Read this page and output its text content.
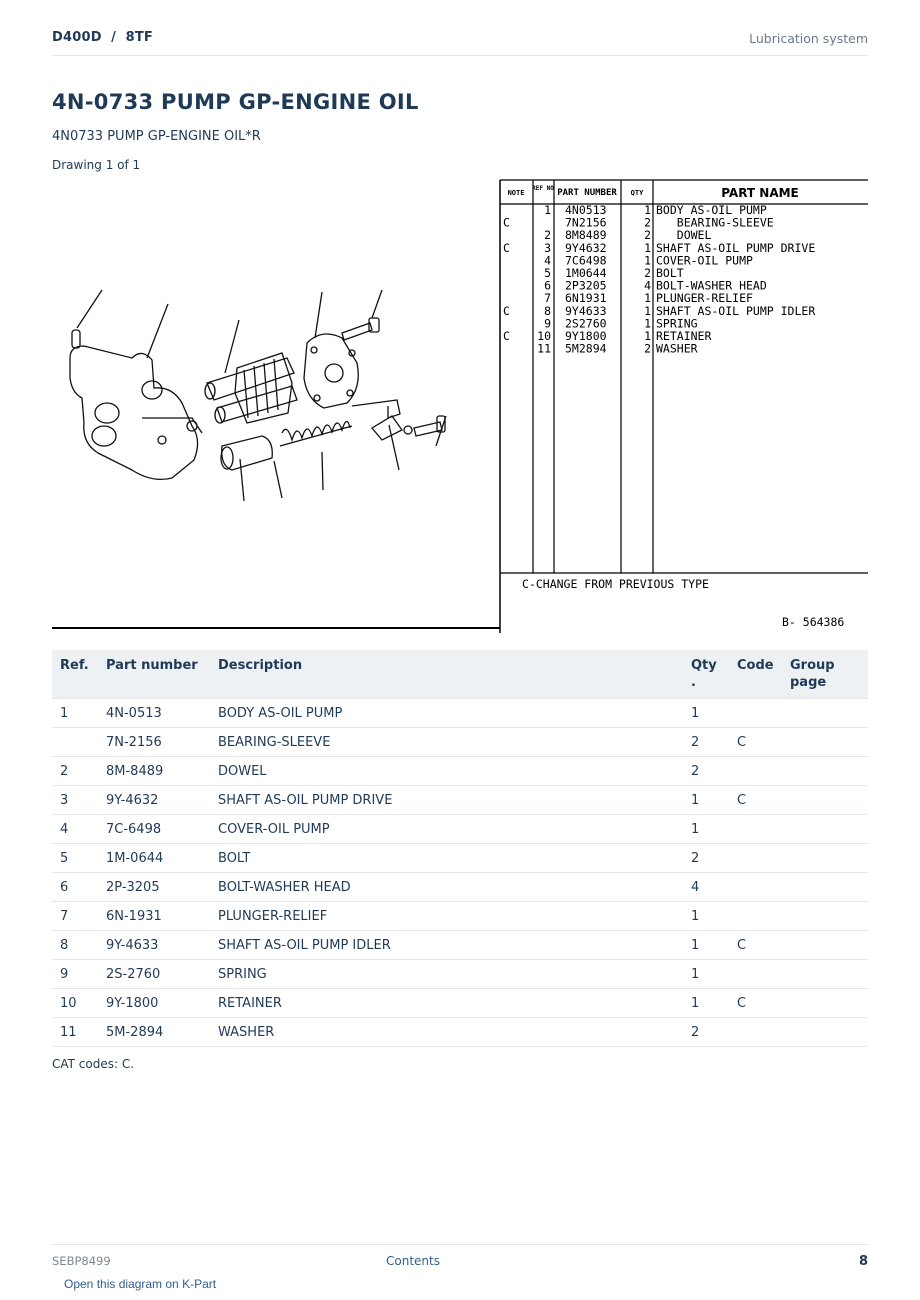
D400D  /  8TF	Lubrication system
4N-0733 PUMP GP-ENGINE OIL
4N0733 PUMP GP-ENGINE OIL*R
Drawing 1 of 1
NOTE
REF NO PART NUMBER QTY	PART NAME
1 4N0513	1 BODY AS-OIL PUMP
C	7N2156	2 BEARING-SLEEVE
2 8M8489	2 DOWEL
C	3 9Y4632	1 SHAFT AS-OIL PUMP DRIVE
4 7C6498	1 COVER-OIL PUMP
5 1M0644	2 BOLT
6 2P3205	4 BOLT-WASHER HEAD
7 6N1931	1 PLUNGER-RELIEF
C	8 9Y4633	1 SHAFT AS-OIL PUMP IDLER
9 2S2760	1 SPRING
C 10 9Y1800	1 RETAINER
11 5M2894	2 WASHER
C-CHANGE FROM PREVIOUS TYPE
B- 564386
Ref.	Part number	Description	Qty
.	Code	Group
page
1	4N-0513	BODY AS-OIL PUMP	1		
	7N-2156	BEARING-SLEEVE	2	C	
2	8M-8489	DOWEL	2		
3	9Y-4632	SHAFT AS-OIL PUMP DRIVE	1	C	
4	7C-6498	COVER-OIL PUMP	1		
5	1M-0644	BOLT	2		
6	2P-3205	BOLT-WASHER HEAD	4		
7	6N-1931	PLUNGER-RELIEF	1		
8	9Y-4633	SHAFT AS-OIL PUMP IDLER	1	C	
9	2S-2760	SPRING	1		
10	9Y-1800	RETAINER	1	C	
11	5M-2894	WASHER	2		
CAT codes: C.
SEBP8499	Contents	8
Open this diagram on K-Part
